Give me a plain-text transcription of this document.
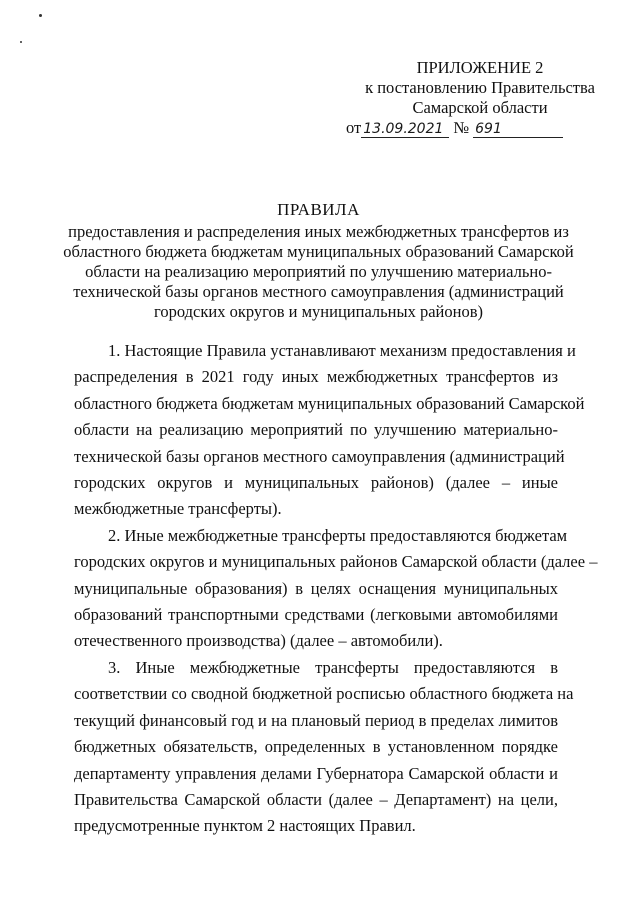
ПРИЛОЖЕНИЕ 2
к постановлению Правительства
Самарской области
от 13.09.2021 № 691
ПРАВИЛА
предоставления и распределения иных межбюджетных трансфертов из
областного бюджета бюджетам муниципальных образований Самарской
области на реализацию мероприятий по улучшению материально-
технической базы органов местного самоуправления (администраций
городских округов и муниципальных районов)
1. Настоящие Правила устанавливают механизм предоставления и
распределения в 2021 году иных межбюджетных трансфертов из
областного бюджета бюджетам муниципальных образований Самарской
области на реализацию мероприятий по улучшению материально-
технической базы органов местного самоуправления (администраций
городских округов и муниципальных районов) (далее – иные
межбюджетные трансферты).
2. Иные межбюджетные трансферты предоставляются бюджетам
городских округов и муниципальных районов Самарской области (далее –
муниципальные образования) в целях оснащения муниципальных
образований транспортными средствами (легковыми автомобилями
отечественного производства) (далее – автомобили).
3. Иные межбюджетные трансферты предоставляются в
соответствии со сводной бюджетной росписью областного бюджета на
текущий финансовый год и на плановый период в пределах лимитов
бюджетных обязательств, определенных в установленном порядке
департаменту управления делами Губернатора Самарской области и
Правительства Самарской области (далее – Департамент) на цели,
предусмотренные пунктом 2 настоящих Правил.
